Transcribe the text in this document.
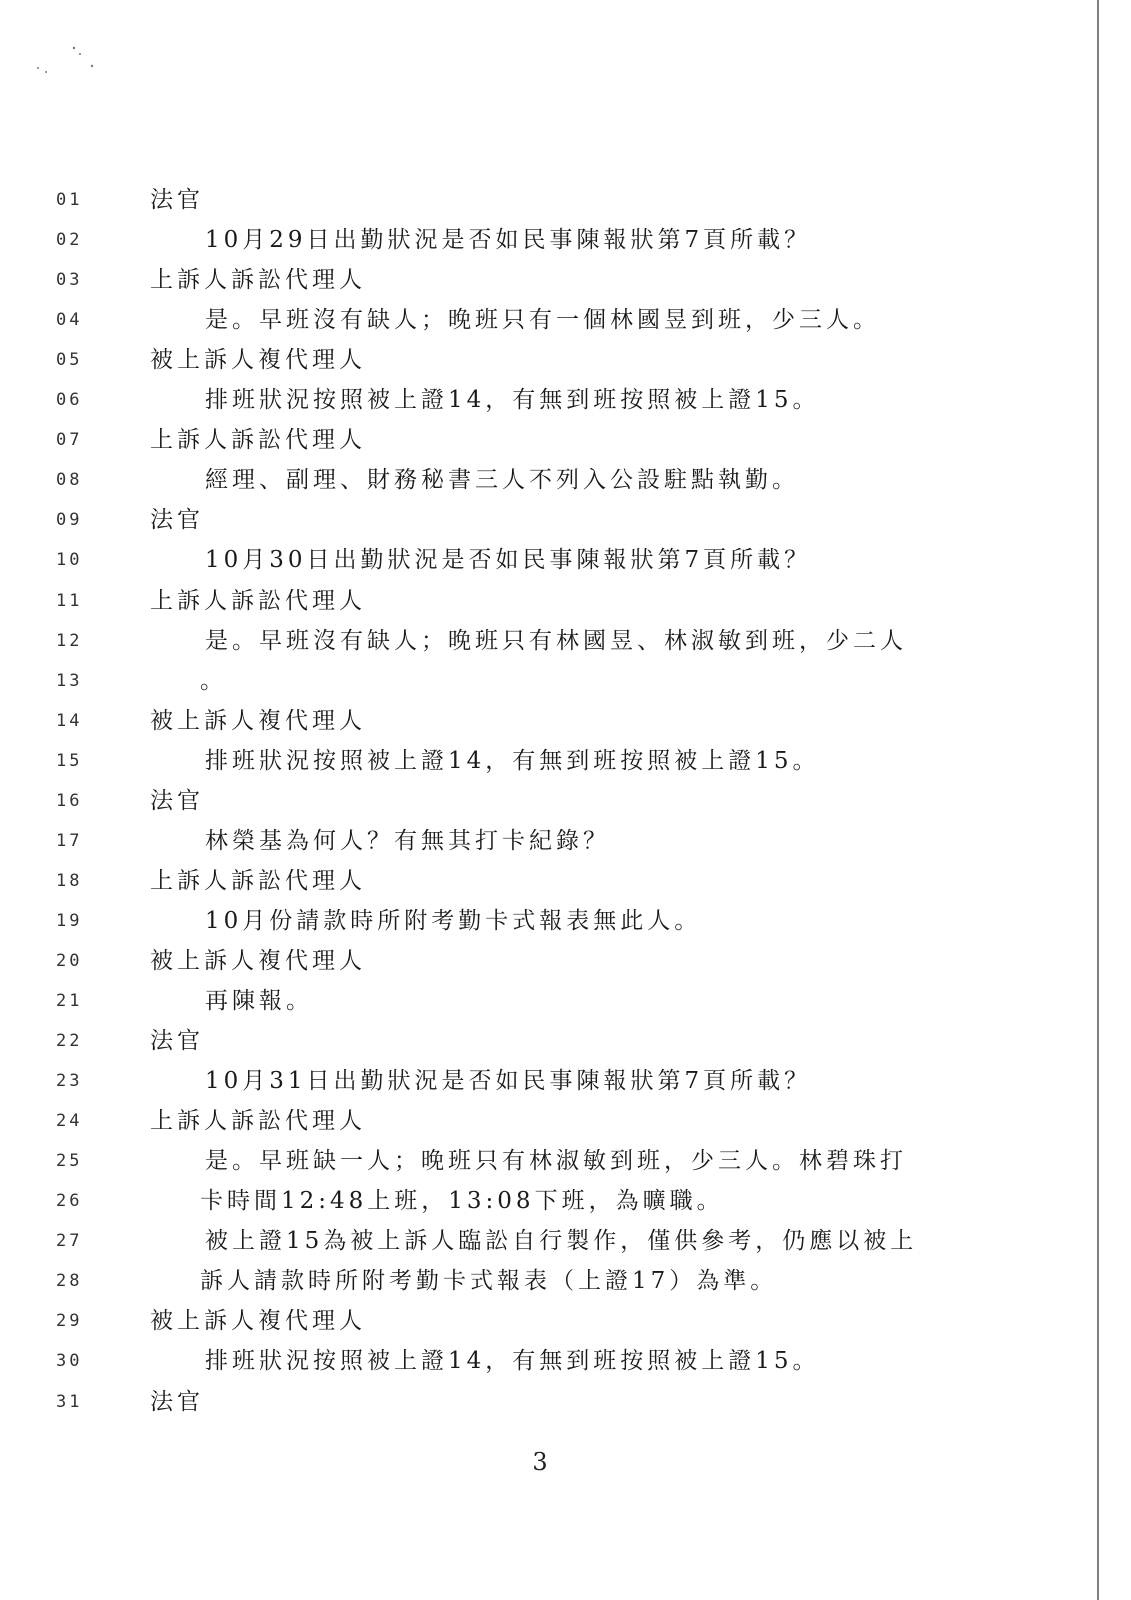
01	法官
02	10月29日出勤狀況是否如民事陳報狀第7頁所載？
03	上訴人訴訟代理人
04	是。早班沒有缺人；晚班只有一個林國昱到班，少三人。
05	被上訴人複代理人
06	排班狀況按照被上證14，有無到班按照被上證15。
07	上訴人訴訟代理人
08	經理、副理、財務秘書三人不列入公設駐點執勤。
09	法官
10	10月30日出勤狀況是否如民事陳報狀第7頁所載？
11	上訴人訴訟代理人
12	是。早班沒有缺人；晚班只有林國昱、林淑敏到班，少二人
13	。
14	被上訴人複代理人
15	排班狀況按照被上證14，有無到班按照被上證15。
16	法官
17	林榮基為何人？有無其打卡紀錄？
18	上訴人訴訟代理人
19	10月份請款時所附考勤卡式報表無此人。
20	被上訴人複代理人
21	再陳報。
22	法官
23	10月31日出勤狀況是否如民事陳報狀第7頁所載？
24	上訴人訴訟代理人
25	是。早班缺一人；晚班只有林淑敏到班，少三人。林碧珠打
26	卡時間12:48上班，13:08下班，為曠職。
27	被上證15為被上訴人臨訟自行製作，僅供參考，仍應以被上
28	訴人請款時所附考勤卡式報表（上證17）為準。
29	被上訴人複代理人
30	排班狀況按照被上證14，有無到班按照被上證15。
31	法官
3
